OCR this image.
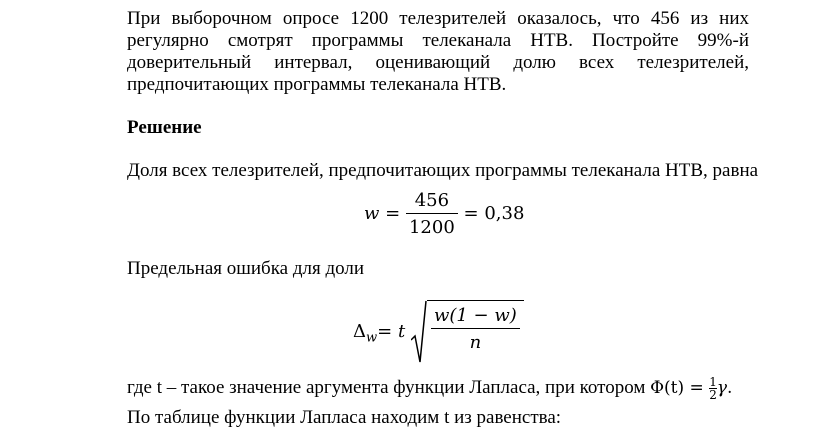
При выборочном опросе 1200 телезрителей оказалось, что 456 из них регулярно смотрят программы телеканала НТВ. Постройте 99%-й доверительный интервал, оценивающий долю всех телезрителей, предпочитающих программы телеканала НТВ.

Решение

Доля всех телезрителей, предпочитающих программы телеканала НТВ, равна

$w = \frac{456}{1200} = 0,38$

Предельная ошибка для доли

$\Delta_w= t \frac{w(1 - w)}{n}$
где t – такое значение аргумента функции Лапласа, при котором $\Phi(t) = \frac{1}{2} \gamma$.

По таблице функции Лапласа находим t из равенства:
